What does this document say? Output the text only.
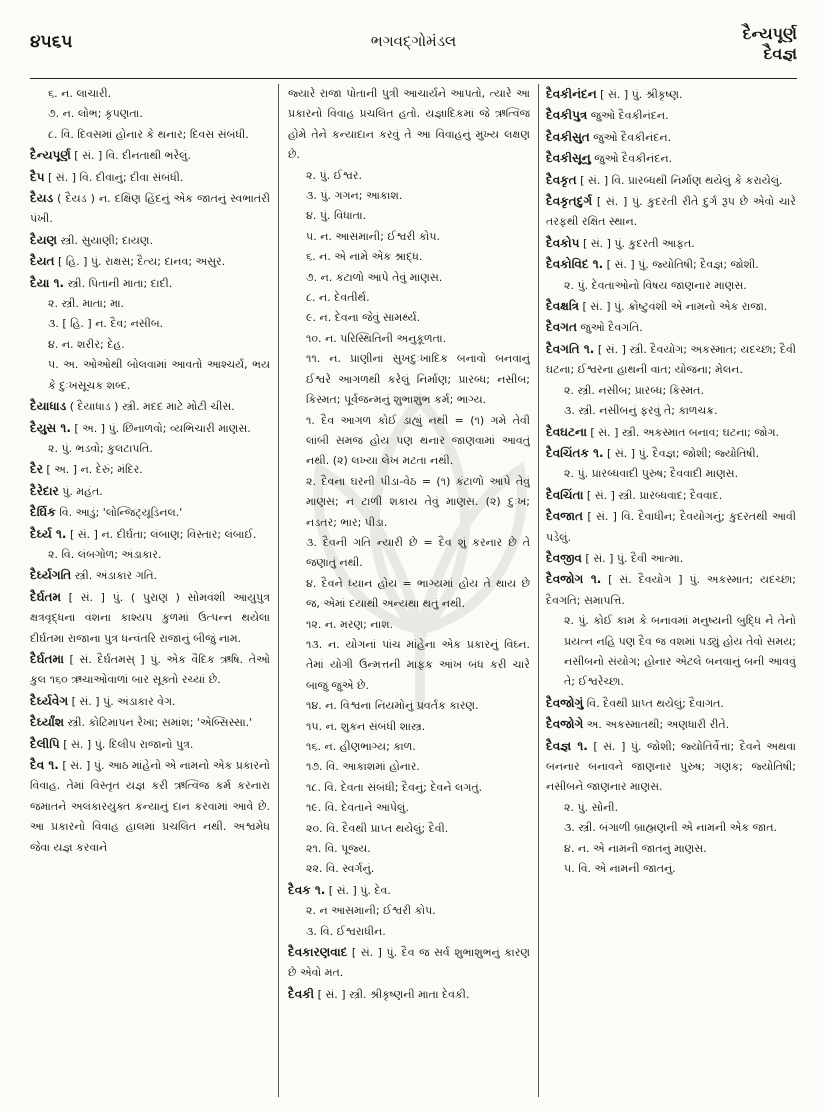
૪૫૬૫	ભગવદ્‌ગોમંડલ	દૈન્યપૂર્ણ
દૈવજ્ઞ

૬. ન. લાચારી.

૭. ન. લોભ; કૃપણતા.

૮. વિ. દિવસમાં હોનાર કે થનાર; દિવસ સંબંધી.

દૈન્યપૂર્ણ [ સં. ] વિ. દીનતાથી ભરેલું.

દૈપ [ સં. ] વિ. દીવાનું; દીવા સંબંધી.

દૈયડ ( દૈયડ ) ન. દક્ષિણ હિંદનું એક જાતનું સ્વભાતંરી પંખી.

દૈયણ સ્ત્રી. સુયાણી; દાયણ.

દૈયત [ હિ. ] પું. રાક્ષસ; દૈત્ય; દાનવ; અસુર.

દૈયા ૧. સ્ત્રી. પિતાની માતા; દાદી.

૨. સ્ત્રી. માતા; મા.

૩. [ હિ. ] ન. દૈવ; નસીબ.

૪. ન. શરીર; દેહ.

૫. અ. ઓઓથી બોલવામાં આવતો આશ્ચર્ય, ભય કે દુઃખસૂચક શબ્દ.

દૈયાધાડ ( દૈયાધાડ ) સ્ત્રી. મદદ માટે મોટી ચીસ.

દૈયુસ ૧. [ અ. ] પું. છિનાળવો; વ્યભિચારી માણસ.

૨. પું. ભડવો; કુલટાપતિ.

દૈર [ અ. ] ન. દેરું; મંદિર.

દૈરેદાર પું. મહંત.

દૈર્ઘિક વિ. આડું; 'લોન્જિટ્યૂડિનલ.'

દૈર્ઘ્ય ૧. [ સં. ] ન. દીર્ઘતા; લંબાણ; વિસ્તાર; લંબાઈ.

૨. વિ. લંબગોળ; અંડાકાર.

દૈર્ઘ્યગતિ સ્ત્રી. અંડાકાર ગતિ.

દૈર્ઘતમ [ સં. ] પું. ( પુરાણ ) સોમવંશી આયુપુત્ર ક્ષત્રવૃદ્ધના વંશના કાશ્યપ કુળમાં ઉત્પન્ન થયેલા દીર્ઘતમા રાજાના પુત્ર ધન્વંતરિ રાજાનું બીજું નામ.

દૈર્ઘતમા [ સં. દૈર્ઘતમસ્ ] પું. એક વૈદિક ઋષિ. તેઓ કુલ ૧૬૦ ઋચાઓવાળાં બાર સૂક્તો રચ્યાં છે.

દૈર્ઘ્યવેગ [ સં. ] પું. અંડાકાર વેગ.

દૈર્ઘ્યાંશ સ્ત્રી. કોટિમાપન રેખા; સમાંશ; 'એબ્સિસ્સા.'

દૈલીપિ [ સં. ] પું. દિલીપ રાજાનો પુત્ર.

દૈવ ૧. [ સં. ] પું. આઠ માંહેનો એ નામનો એક પ્રકારનો વિવાહ. તેમાં વિસ્તૃત યજ્ઞ કરી ઋત્વિજ કર્મ કરનારા જમાતને અલંકારયુક્ત કન્યાનું દાન કરવામાં આવે છે. આ પ્રકારનો વિવાહ હાલમાં પ્રચલિત નથી. અશ્વમેધ જેવા યજ્ઞ કરવાને

જ્યારે રાજા પોતાની પુત્રી આચાર્યને આપતો, ત્યારે આ પ્રકારનો વિવાહ પ્રચલિત હતો. યજ્ઞાદિકમાં જે ઋત્વિજ હોમે તેને કન્યાદાન કરવું તે આ વિવાહનું મુખ્ય લક્ષણ છે.

૨. પું. ઈશ્વર.

૩. પું. ગગન; આકાશ.

૪. પું. વિધાતા.

૫. ન. આસમાની; ઈશ્વરી કોપ.

૬. ન. એ નામે એક શ્રાદ્ધ.

૭. ન. કંટાળો આપે તેવું માણસ.

૮. ન. દેવતીર્થ.

૯. ન. દેવના જેવું સામર્થ્ય.

૧૦. ન. પરિસ્થિતિની અનુકૂળતા.

૧૧. ન. પ્રાણીનાં સુખદુઃખાદિક બનાવો બનવાનું ઈશ્વરે આગળથી કરેલું નિર્માણ; પ્રારબ્ધ; નસીબ; કિસ્મત; પૂર્વજન્મનું શુભાશુભ કર્મ; ભાગ્ય.

૧. દૈવ આગળ કોઈ ડાહ્યું નથી = (૧) ગમે તેવી લાંબી સમજ હોય પણ થનાર જાણવામાં આવતું નથી. (૨) લખ્યા લેખ મટતા નથી.

૨. દૈવના ઘરની પીડા-વેઠ = (૧) કંટાળો આપે તેવું માણસ; ન ટાળી શકાય તેવું માણસ. (૨) દુઃખ; નડતર; ભાર; પીડા.

૩. દૈવની ગતિ ન્યારી છે = દૈવ શું કરનાર છે તે જણાતું નથી.

૪. દૈવને ધ્યાન હોય = ભાગ્યમાં હોય તે થાય છે જ, એમાં દયાથી અન્યથા થતું નથી.

૧૨. ન. મરણ; નાશ.

૧૩. ન. યોગનાં પાંચ માંહેના એક પ્રકારનું વિઘ્ન. તેમાં યોગી ઉન્મત્તની માફક આંખ બંધ કરી ચારે બાજુ જુએ છે.

૧૪. ન. વિશ્વના નિયમોનું પ્રવર્તક કારણ.

૧૫. ન. શુકન સંબંધી શાસ્ત્ર.

૧૬. ન. હીણભાગ્ય; કાળ.

૧૭. વિ. આકાશમાં હોનાર.

૧૮. વિ. દેવતા સંબંધી; દૈવનું; દેવને લગતું.

૧૯. વિ. દેવતાને આપેલું.

૨૦. વિ. દૈવથી પ્રાપ્ત થયેલું; દૈવી.

૨૧. વિ. પૂજ્ય.

૨૨. વિ. સ્વર્ગનું.

દૈવક ૧. [ સં. ] પું. દેવ.

૨. ન આસમાની; ઈશ્વરી કોપ.

૩. વિ. ઈશ્વરાધીન.

દૈવકારણવાદ [ સં. ] પું. દૈવ જ સર્વ શુભાશુભનું કારણ છે એવો મત.

દૈવકી [ સં. ] સ્ત્રી. શ્રીકૃષ્ણની માતા દેવકી.

દૈવકીનંદન [ સં. ] પું. શ્રીકૃષ્ણ.

દૈવકીપુત્ર જુઓ દૈવકીનંદન.

દૈવકીસુત જુઓ દૈવકીનંદન.

દૈવકીસૂનુ જુઓ દૈવકીનંદન.

દૈવકૃત [ સં. ] વિ. પ્રારબ્ધથી નિર્માણ થયેલું કે કરાયેલું.

દૈવકૃતદુર્ગ [ સં. ] પું. કુદરતી રીતે દુર્ગ રૂપ છે એવો ચારે તરફથી રક્ષિત સ્થાન.

દૈવકોપ [ સં. ] પું. કુદરતી આફત.

દૈવકોવિદ ૧. [ સં. ] પું. જ્યોતિષી; દૈવજ્ઞ; જોશી.

૨. પું. દેવતાઓનો વિષય જાણનાર માણસ.

દૈવક્ષત્રિ [ સં. ] પું. ક્રોષ્ટુવંશી એ નામનો એક રાજા.

દૈવગત જુઓ દૈવગતિ.

દૈવગતિ ૧. [ સં. ] સ્ત્રી. દૈવયોગ; અકસ્માત; યદચ્છા; દૈવી ઘટના; ઈશ્વરના હાથની વાત; યોજના; મેલન.

૨. સ્ત્રી. નસીબ; પ્રારબ્ધ; કિસ્મત.

૩. સ્ત્રી. નસીબનું ફરવું તે; કાળચક્ર.

દૈવઘટના [ સં. ] સ્ત્રી. અકસ્માત બનાવ; ઘટના; જોગ.

દૈવચિંતક ૧. [ સં. ] પું. દૈવજ્ઞ; જોશી; જ્યોતિષી.

૨. પું. પ્રારબ્ધવાદી પુરુષ; દૈવવાદી માણસ.

દૈવચિંતા [ સં. ] સ્ત્રી. પ્રારબ્ધવાદ; દૈવવાદ.

દૈવજાત [ સં. ] વિ. દૈવાધીન; દૈવયોગનું; કુદરતથી આવી પડેલું.

દૈવજીવ [ સં. ] પું. દૈવી આત્મા.

દૈવજોગ ૧. [ સં. દૈવયોગ ] પું. અકસ્માત; યદચ્છા; દૈવગતિ; સમાપત્તિ.

૨. પું. કોઈ કામ કે બનાવમાં મનુષ્યની બુદ્ધિ ને તેનો પ્રયત્ન નહિ પણ દૈવ જ વશમાં પડ્યું હોય તેવો સમય; નસીબનો સંયોગ; હોનાર એટલે બનવાનું બની આવવું તે; ઈશ્વરેચ્છા.

દૈવજોગું વિ. દૈવથી પ્રાપ્ત થયેલું; દૈવાગત.

દૈવજોગે અ. અકસ્માતથી; અણધારી રીતે.

દૈવજ્ઞ ૧. [ સં. ] પું. જોશી; જ્યોતિર્વેત્તા; દૈવને અથવા બનનાર બનાવને જાણનાર પુરુષ; ગણક; જ્યોતિષી; નસીબને જાણનાર માણસ.

૨. પું. સોની.

૩. સ્ત્રી. બંગાળી બ્રાહ્મણની એ નામની એક જાત.

૪. ન. એ નામની જાતનું માણસ.

૫. વિ. એ નામની જાતનું.
